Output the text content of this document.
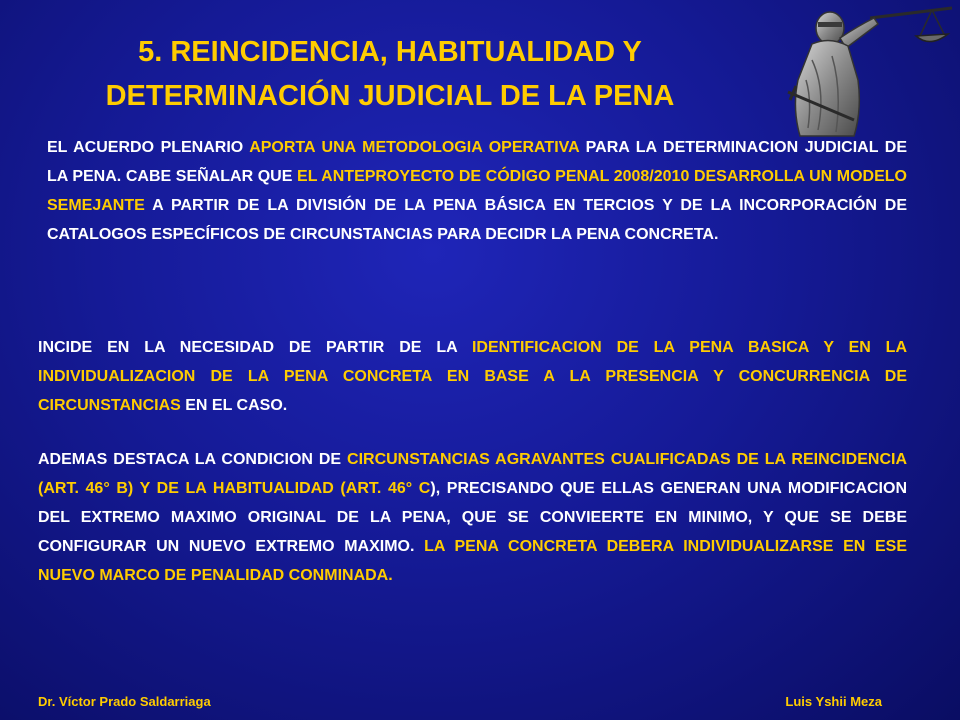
5. REINCIDENCIA, HABITUALIDAD Y
DETERMINACIÓN JUDICIAL DE LA PENA
EL ACUERDO PLENARIO APORTA UNA METODOLOGIA OPERATIVA PARA LA DETERMINACION JUDICIAL DE LA PENA. CABE SEÑALAR QUE EL ANTEPROYECTO DE CÓDIGO PENAL 2008/2010 DESARROLLA UN MODELO SEMEJANTE A PARTIR DE LA DIVISIÓN DE LA PENA BÁSICA EN TERCIOS Y DE LA INCORPORACIÓN DE CATALOGOS ESPECÍFICOS DE CIRCUNSTANCIAS PARA DECIDR LA PENA CONCRETA.
INCIDE EN LA NECESIDAD DE PARTIR DE LA IDENTIFICACION DE LA PENA BASICA Y EN LA INDIVIDUALIZACION DE LA PENA CONCRETA EN BASE A LA PRESENCIA Y CONCURRENCIA DE CIRCUNSTANCIAS EN EL CASO.
ADEMAS DESTACA LA CONDICION DE CIRCUNSTANCIAS AGRAVANTES CUALIFICADAS DE LA REINCIDENCIA (ART. 46° B) Y DE LA HABITUALIDAD (ART. 46° C), PRECISANDO QUE ELLAS GENERAN UNA MODIFICACION DEL EXTREMO MAXIMO ORIGINAL DE LA PENA, QUE SE CONVIEERTE EN MINIMO, Y QUE SE DEBE CONFIGURAR UN NUEVO EXTREMO MAXIMO. LA PENA CONCRETA DEBERA INDIVIDUALIZARSE EN ESE NUEVO MARCO DE PENALIDAD CONMINADA.
Dr. Víctor Prado Saldarriaga	Luis Yshii Meza
